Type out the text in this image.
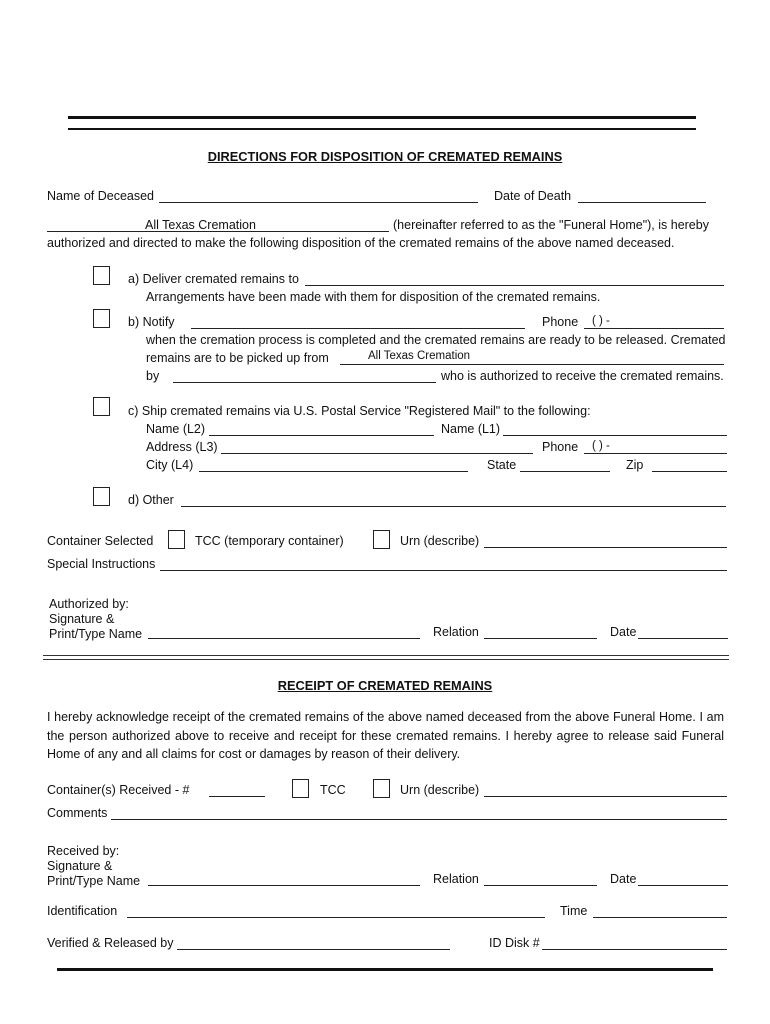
DIRECTIONS FOR DISPOSITION OF CREMATED REMAINS
Name of Deceased	Date of Death
All Texas Cremation	(hereinafter referred to as the "Funeral Home"), is hereby
authorized and directed to make the following disposition of the cremated remains of the above named deceased.
a) Deliver cremated remains to
Arrangements have been made with them for disposition of the cremated remains.
b) Notify	Phone ( ) -
when the cremation process is completed and the cremated remains are ready to be released. Cremated
remains are to be picked up from	All Texas Cremation
by	who is authorized to receive the cremated remains.
c) Ship cremated remains via U.S. Postal Service "Registered Mail" to the following:
Name (L2)	Name (L1)
Address (L3)	Phone ( ) -
City (L4)	State	Zip
d) Other
Container Selected	TCC (temporary container)	Urn (describe)
Special Instructions
Authorized by:
Signature &
Print/Type Name	Relation	Date
RECEIPT OF CREMATED REMAINS
I hereby acknowledge receipt of the cremated remains of the above named deceased from the above Funeral Home. I am the person authorized above to receive and receipt for these cremated remains. I hereby agree to release said Funeral Home of any and all claims for cost or damages by reason of their delivery.
Container(s) Received - #	TCC	Urn (describe)
Comments
Received by:
Signature &
Print/Type Name	Relation	Date
Identification	Time
Verified & Released by	ID Disk #
